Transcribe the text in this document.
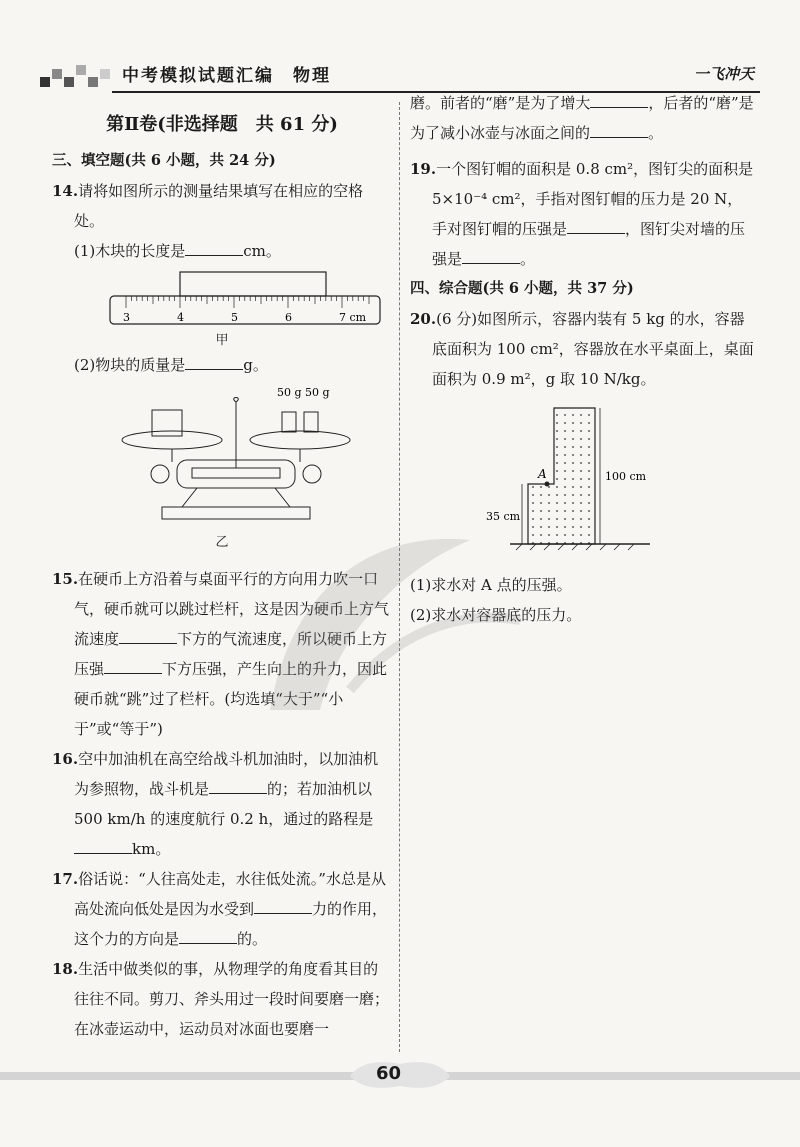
中考模拟试题汇编　物理	一飞冲天

第Ⅱ卷(非选择题　共 61 分)

三、填空题(共 6 小题，共 24 分)

14.请将如图所示的测量结果填写在相应的空格处。

(1)木块的长度是	cm。

3	4	5	6	7 cm

甲

(2)物块的质量是	g。

50 g 50 g

乙

15.在硬币上方沿着与桌面平行的方向用力吹一口气，硬币就可以跳过栏杆，这是因为硬币上方气流速度	下方的气流速度，所以硬币上方压强	下方压强，产生向上的升力，因此硬币就“跳”过了栏杆。(均选填“大于”“小于”或“等于”)

16.空中加油机在高空给战斗机加油时，以加油机为参照物，战斗机是	的；若加油机以 500 km/h 的速度航行 0.2 h，通过的路程是km。

17.俗话说：“人往高处走，水往低处流。”水总是从高处流向低处是因为水受到	力的作用，这个力的方向是	的。

18.生活中做类似的事，从物理学的角度看其目的往往不同。剪刀、斧头用过一段时间要磨一磨；在冰壶运动中，运动员对冰面也要磨一

磨。前者的“磨”是为了增大	，后者的“磨”是为了减小冰壶与冰面之间的	。

19.一个图钉帽的面积是 0.8 cm²，图钉尖的面积是 5×10⁻⁴ cm²，手指对图钉帽的压力是 20 N，手对图钉帽的压强是	，图钉尖对墙的压强是	。

四、综合题(共 6 小题，共 37 分)

20.(6 分)如图所示，容器内装有 5 kg 的水，容器底面积为 100 cm²，容器放在水平桌面上，桌面面积为 0.9 m²，g 取 10 N/kg。

A	100 cm
35 cm

(1)求水对 A 点的压强。

(2)求水对容器底的压力。

60
